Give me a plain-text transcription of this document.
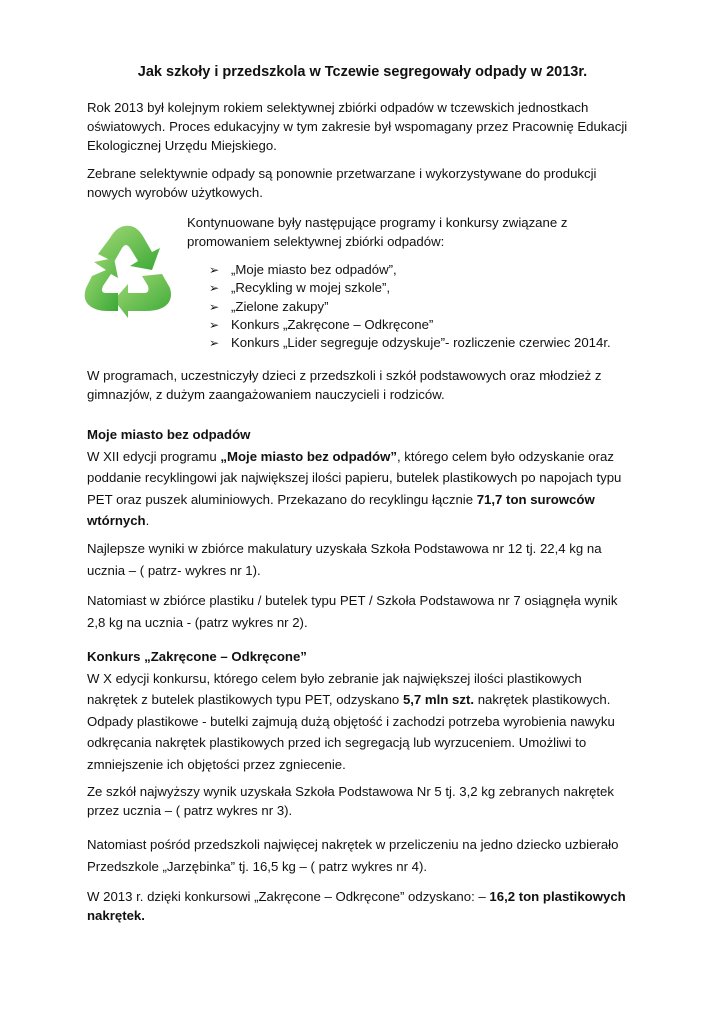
Jak szkoły i przedszkola w Tczewie segregowały odpady w 2013r.

Rok 2013 był kolejnym rokiem selektywnej zbiórki odpadów w tczewskich jednostkach
oświatowych. Proces edukacyjny w tym zakresie był wspomagany przez Pracownię Edukacji
Ekologicznej Urzędu Miejskiego.

Zebrane selektywnie odpady są ponownie przetwarzane i wykorzystywane do produkcji
nowych wyrobów użytkowych.

Kontynuowane były następujące programy i konkursy związane z
promowaniem selektywnej zbiórki odpadów:
➢ „Moje miasto bez odpadów”,
➢ „Recykling w mojej szkole”,
➢ „Zielone zakupy”
➢ Konkurs „Zakręcone – Odkręcone”
➢ Konkurs „Lider segreguje odzyskuje”- rozliczenie czerwiec 2014r.

W programach, uczestniczyły dzieci z przedszkoli i szkół podstawowych oraz młodzież z
gimnazjów, z dużym zaangażowaniem nauczycieli i rodziców.

Moje miasto bez odpadów
W XII edycji programu „Moje miasto bez odpadów”, którego celem było odzyskanie oraz
poddanie recyklingowi jak największej ilości papieru, butelek plastikowych po napojach typu
PET oraz puszek aluminiowych. Przekazano do recyklingu łącznie 71,7 ton surowców
wtórnych.

Najlepsze wyniki w zbiórce makulatury uzyskała Szkoła Podstawowa nr 12 tj. 22,4 kg na
ucznia – ( patrz- wykres nr 1).

Natomiast w zbiórce plastiku / butelek typu PET / Szkoła Podstawowa nr 7 osiągnęła wynik
2,8 kg na ucznia - (patrz wykres nr 2).

Konkurs „Zakręcone – Odkręcone”
W X edycji konkursu, którego celem było zebranie jak największej ilości plastikowych
nakrętek z butelek plastikowych typu PET, odzyskano 5,7 mln szt. nakrętek plastikowych.
Odpady plastikowe - butelki zajmują dużą objętość i zachodzi potrzeba wyrobienia nawyku
odkręcania nakrętek plastikowych przed ich segregacją lub wyrzuceniem. Umożliwi to
zmniejszenie ich objętości przez zgniecenie.

Ze szkół najwyższy wynik uzyskała Szkoła Podstawowa Nr 5 tj. 3,2 kg zebranych nakrętek
przez ucznia – ( patrz wykres nr 3).

Natomiast pośród przedszkoli najwięcej nakrętek w przeliczeniu na jedno dziecko uzbierało
Przedszkole „Jarzębinka” tj. 16,5 kg – ( patrz wykres nr 4).

W 2013 r. dzięki konkursowi „Zakręcone – Odkręcone” odzyskano: – 16,2 ton plastikowych
nakrętek.
